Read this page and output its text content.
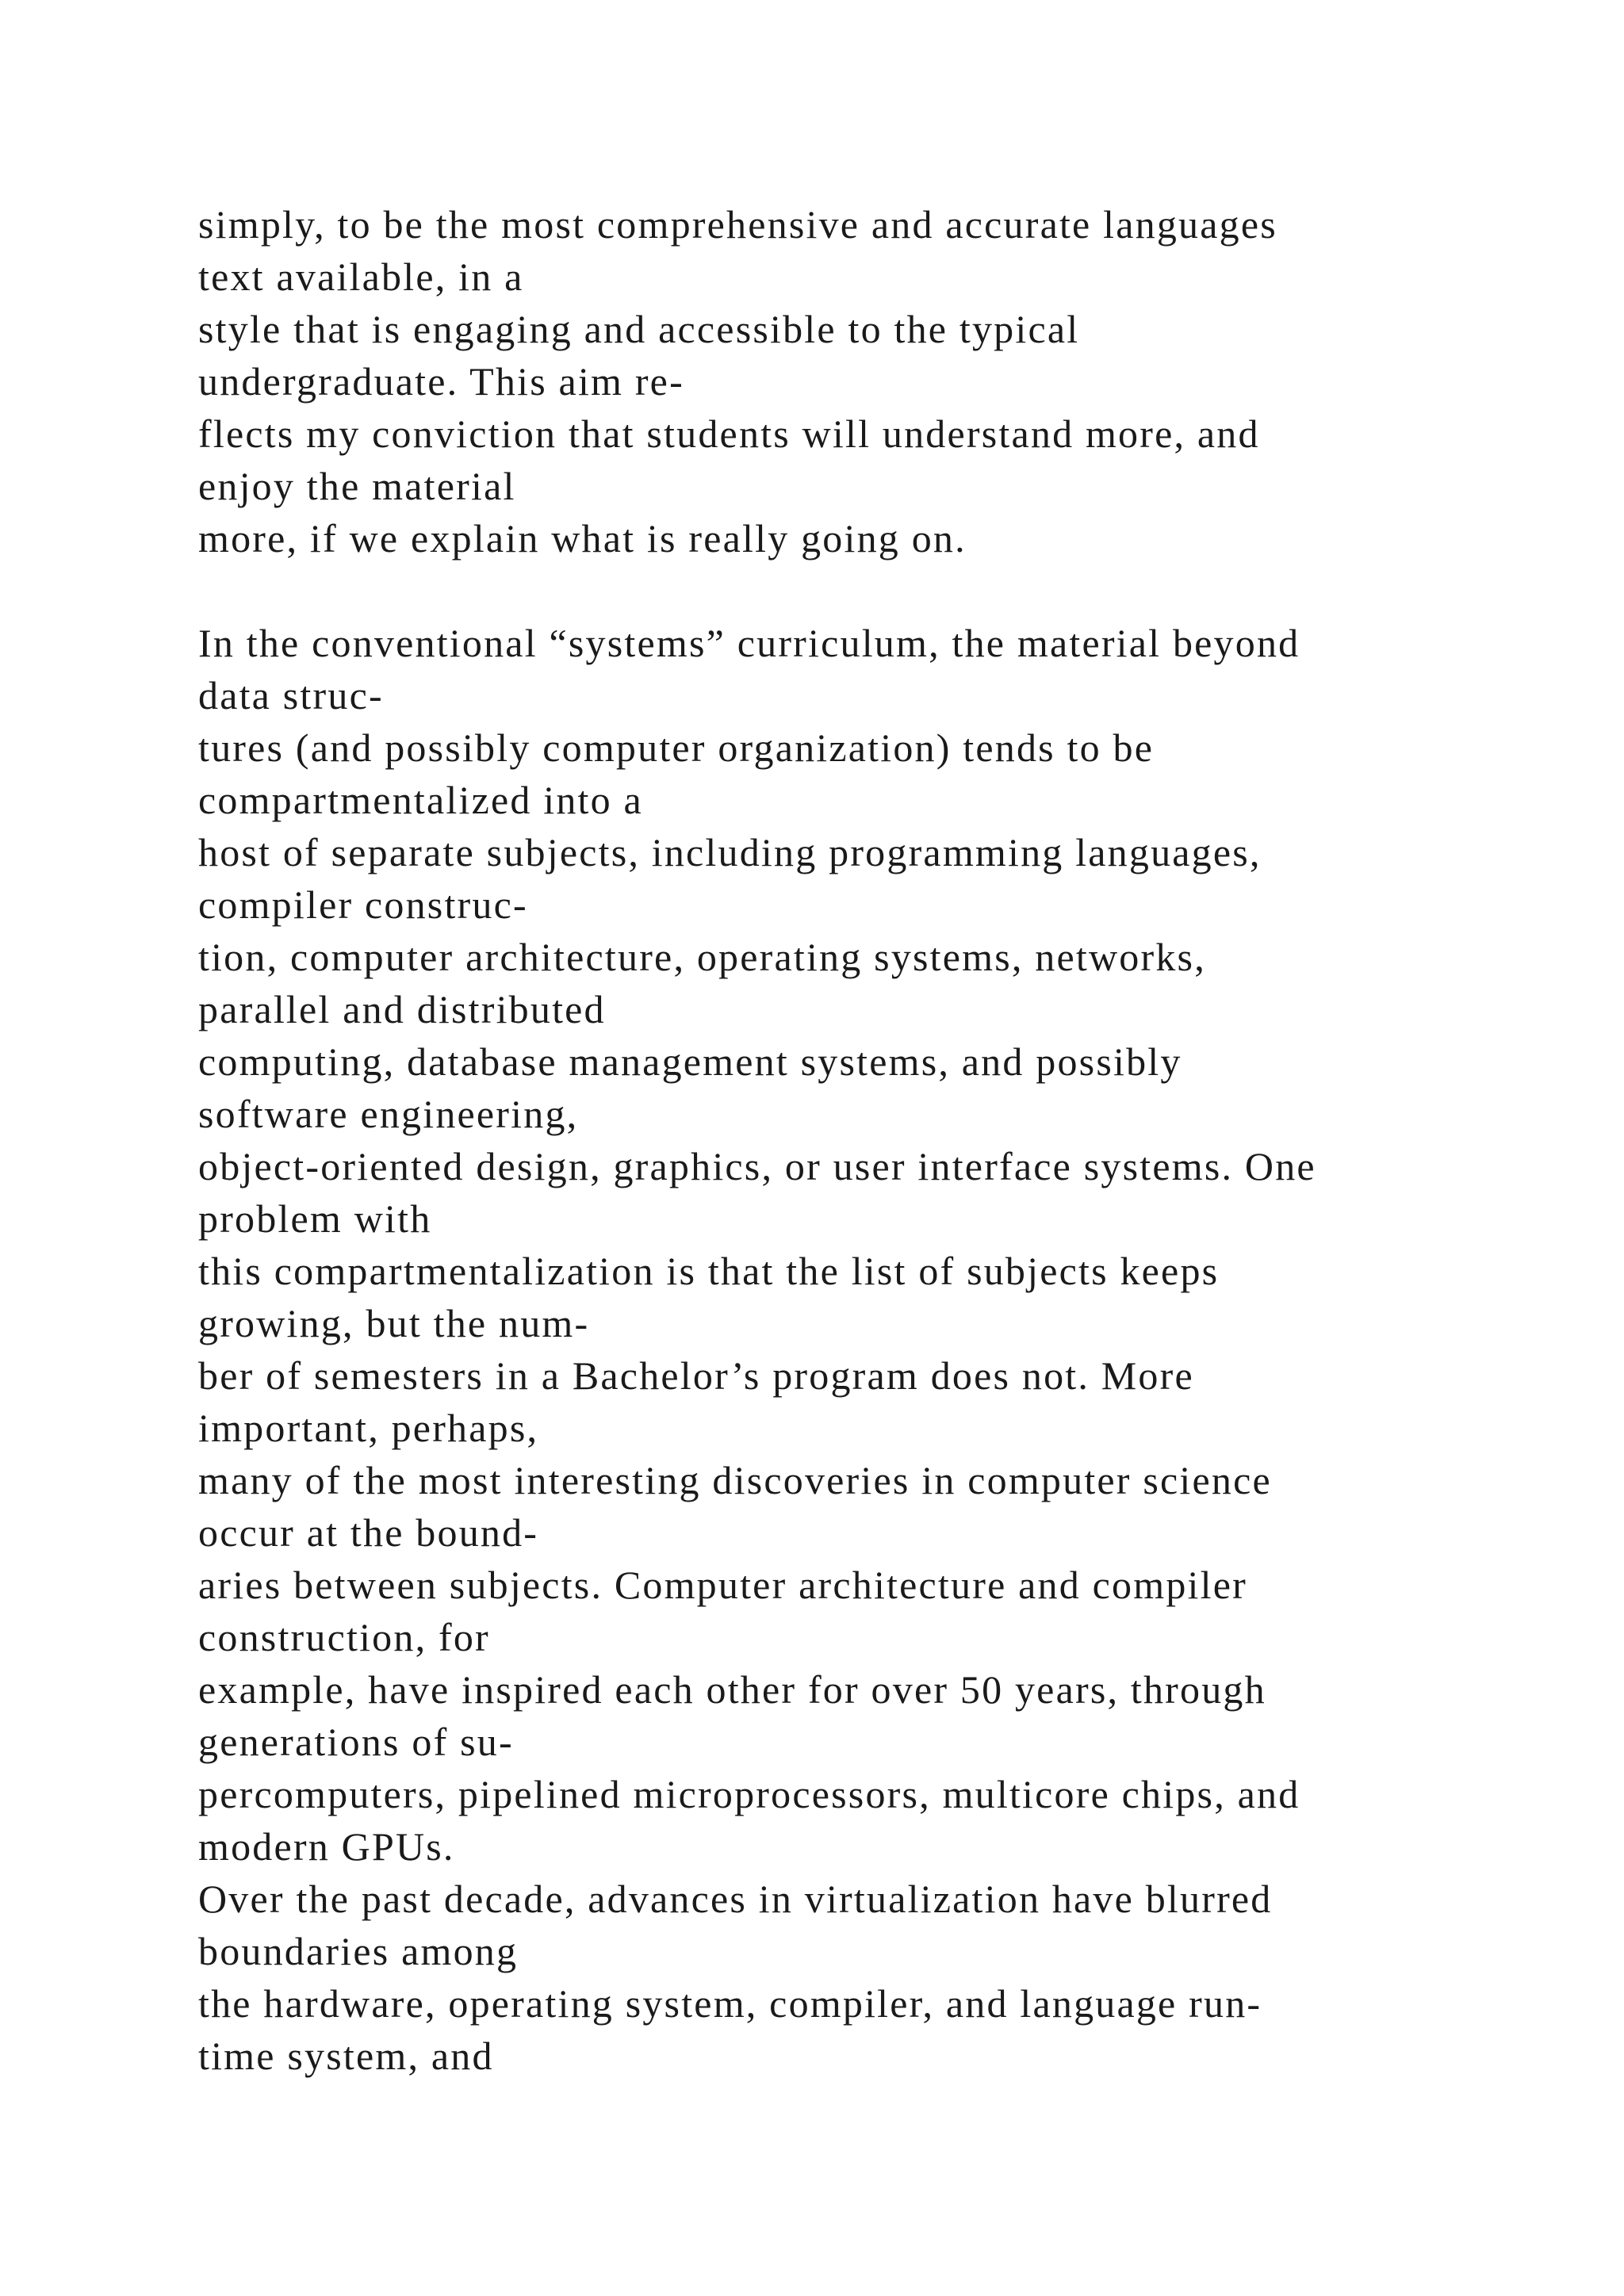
simply, to be the most comprehensive and accurate languages
text available, in a
style that is engaging and accessible to the typical
undergraduate. This aim re-
flects my conviction that students will understand more, and
enjoy the material
more, if we explain what is really going on.
In the conventional “systems” curriculum, the material beyond
data struc-
tures (and possibly computer organization) tends to be
compartmentalized into a
host of separate subjects, including programming languages,
compiler construc-
tion, computer architecture, operating systems, networks,
parallel and distributed
computing, database management systems, and possibly
software engineering,
object-oriented design, graphics, or user interface systems. One
problem with
this compartmentalization is that the list of subjects keeps
growing, but the num-
ber of semesters in a Bachelor’s program does not. More
important, perhaps,
many of the most interesting discoveries in computer science
occur at the bound-
aries between subjects. Computer architecture and compiler
construction, for
example, have inspired each other for over 50 years, through
generations of su-
percomputers, pipelined microprocessors, multicore chips, and
modern GPUs.
Over the past decade, advances in virtualization have blurred
boundaries among
the hardware, operating system, compiler, and language run-
time system, and
